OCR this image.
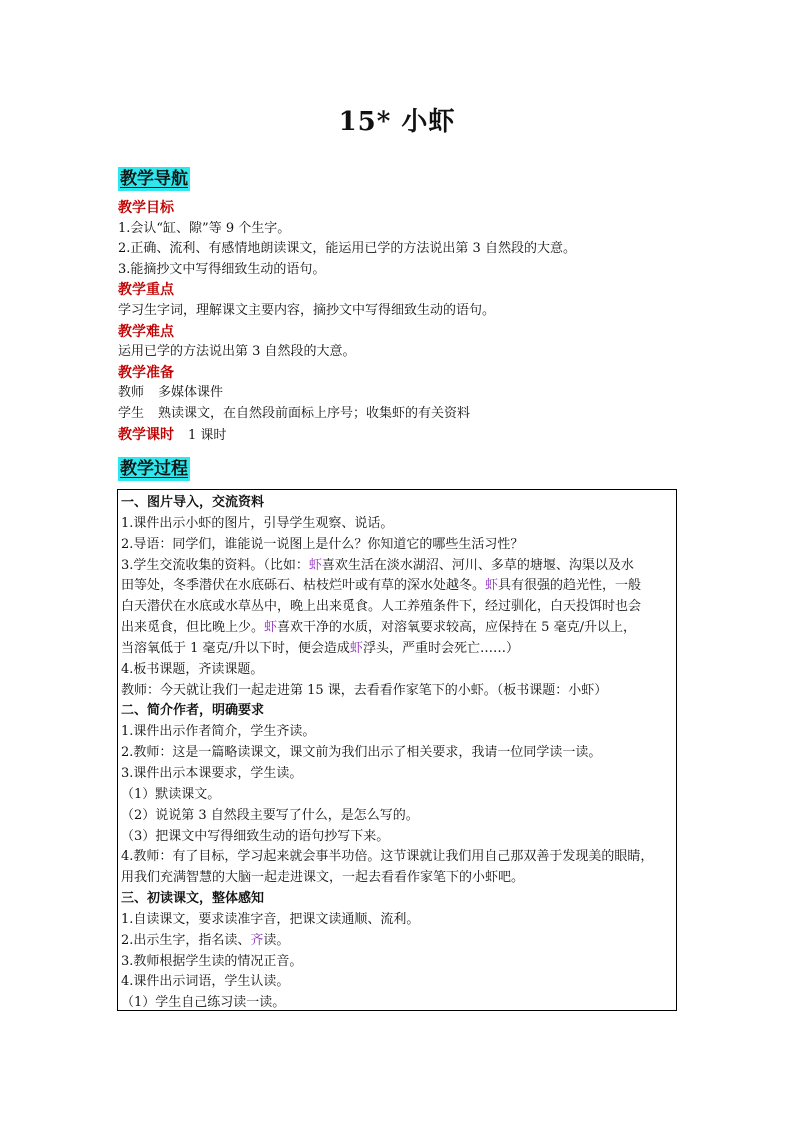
15* 小虾
教学导航
教学目标
1.会认“缸、隙”等 9 个生字。
2.正确、流利、有感情地朗读课文，能运用已学的方法说出第 3 自然段的大意。
3.能摘抄文中写得细致生动的语句。
教学重点
学习生字词，理解课文主要内容，摘抄文中写得细致生动的语句。
教学难点
运用已学的方法说出第 3 自然段的大意。
教学准备
教师 多媒体课件
学生 熟读课文，在自然段前面标上序号；收集虾的有关资料
教学课时 1 课时
教学过程
一、图片导入，交流资料
1.课件出示小虾的图片，引导学生观察、说话。
2.导语：同学们，谁能说一说图上是什么？你知道它的哪些生活习性？
3.学生交流收集的资料。（比如：虾喜欢生活在淡水湖沼、河川、多草的塘堰、沟渠以及水
田等处，冬季潜伏在水底砾石、枯枝烂叶或有草的深水处越冬。虾具有很强的趋光性，一般
白天潜伏在水底或水草丛中，晚上出来觅食。人工养殖条件下，经过驯化，白天投饵时也会
出来觅食，但比晚上少。虾喜欢干净的水质，对溶氧要求较高，应保持在 5 毫克/升以上，
当溶氧低于 1 毫克/升以下时，便会造成虾浮头，严重时会死亡……）
4.板书课题，齐读课题。
教师：今天就让我们一起走进第 15 课，去看看作家笔下的小虾。（板书课题：小虾）
二、简介作者，明确要求
1.课件出示作者简介，学生齐读。
2.教师：这是一篇略读课文，课文前为我们出示了相关要求，我请一位同学读一读。
3.课件出示本课要求，学生读。
（1）默读课文。
（2）说说第 3 自然段主要写了什么，是怎么写的。
（3）把课文中写得细致生动的语句抄写下来。
4.教师：有了目标，学习起来就会事半功倍。这节课就让我们用自己那双善于发现美的眼睛，
用我们充满智慧的大脑一起走进课文，一起去看看作家笔下的小虾吧。
三、初读课文，整体感知
1.自读课文，要求读准字音，把课文读通顺、流利。
2.出示生字，指名读、齐读。
3.教师根据学生读的情况正音。
4.课件出示词语，学生认读。
（1）学生自己练习读一读。
